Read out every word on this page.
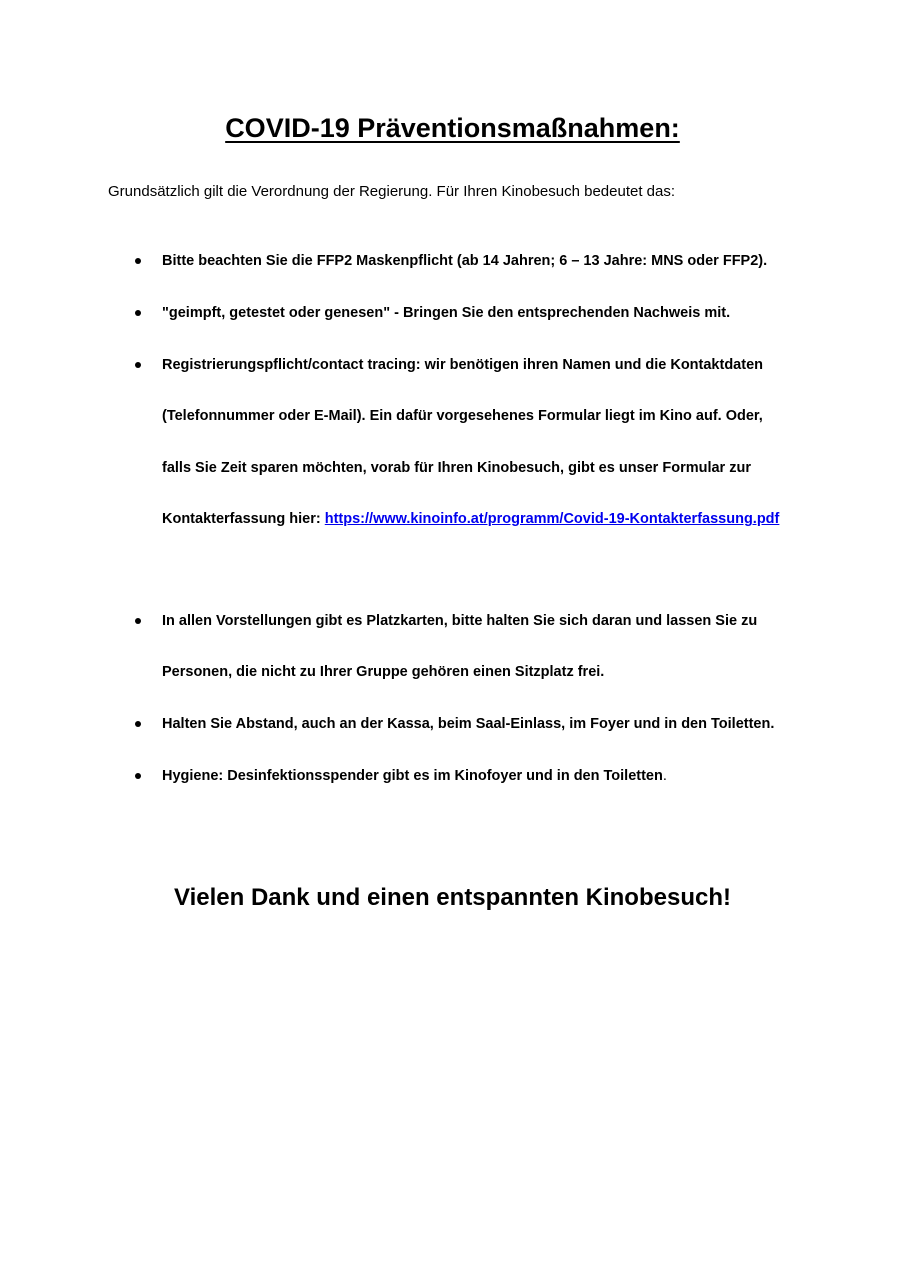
COVID-19 Präventionsmaßnahmen:
Grundsätzlich gilt die Verordnung der Regierung. Für Ihren Kinobesuch bedeutet das:
Bitte beachten Sie die FFP2 Maskenpflicht (ab 14 Jahren; 6 – 13 Jahre: MNS oder FFP2).
"geimpft, getestet oder genesen" - Bringen Sie den entsprechenden Nachweis mit.
Registrierungspflicht/contact tracing: wir benötigen ihren Namen und die Kontaktdaten (Telefonnummer oder E-Mail). Ein dafür vorgesehenes Formular liegt im Kino auf. Oder, falls Sie Zeit sparen möchten, vorab für Ihren Kinobesuch, gibt es unser Formular zur Kontakterfassung hier: https://www.kinoinfo.at/programm/Covid-19-Kontakterfassung.pdf
In allen Vorstellungen gibt es Platzkarten, bitte halten Sie sich daran und lassen Sie zu Personen, die nicht zu Ihrer Gruppe gehören einen Sitzplatz frei.
Halten Sie Abstand, auch an der Kassa, beim Saal-Einlass, im Foyer und in den Toiletten.
Hygiene: Desinfektionsspender gibt es im Kinofoyer und in den Toiletten.
Vielen Dank und einen entspannten Kinobesuch!
